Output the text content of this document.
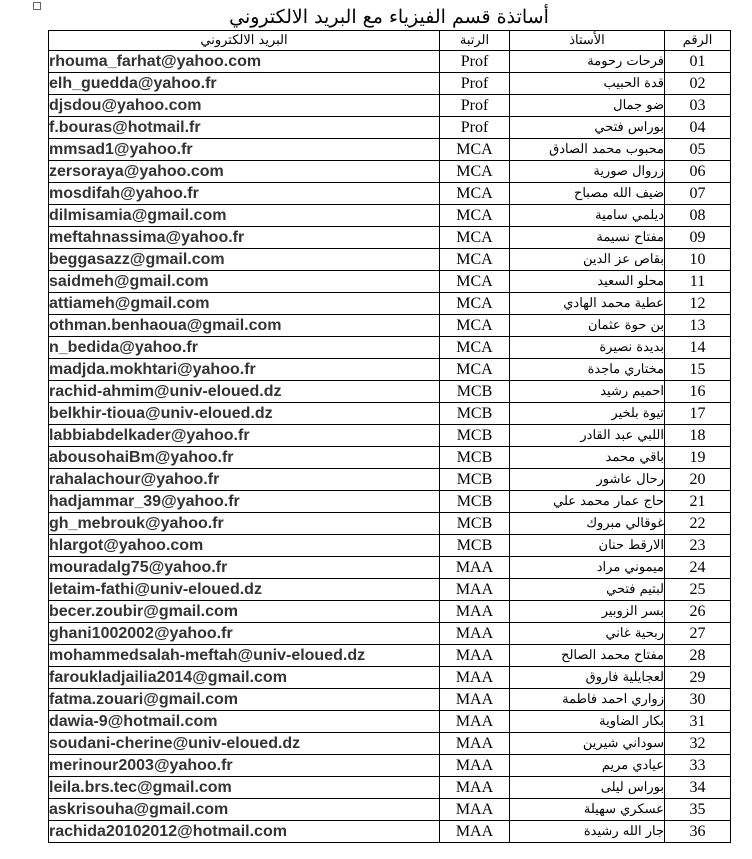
أساتذة قسم الفيزياء مع البريد الالكتروني
البريد الالكتروني	الرتبة	الأستاذ	الرقم
rhouma_farhat@yahoo.com	Prof	فرحات رحومة	01
elh_guedda@yahoo.fr	Prof	قدة الحبيب	02
djsdou@yahoo.com	Prof	ضو جمال	03
f.bouras@hotmail.fr	Prof	بوراس فتحي	04
mmsad1@yahoo.fr	MCA	محبوب محمد الصادق	05
zersoraya@yahoo.com	MCA	زروال صورية	06
mosdifah@yahoo.fr	MCA	ضيف الله مصباح	07
dilmisamia@gmail.com	MCA	ديلمي سامية	08
meftahnassima@yahoo.fr	MCA	مفتاح نسيمة	09
beggasazz@gmail.com	MCA	بقاص عز الدين	10
saidmeh@gmail.com	MCA	محلو السعيد	11
attiameh@gmail.com	MCA	عطية محمد الهادي	12
othman.benhaoua@gmail.com	MCA	بن حوة عثمان	13
n_bedida@yahoo.fr	MCA	بديدة نصيرة	14
madjda.mokhtari@yahoo.fr	MCA	مختاري ماجدة	15
rachid-ahmim@univ-eloued.dz	MCB	احميم رشيد	16
belkhir-tioua@univ-eloued.dz	MCB	تيوة بلخير	17
labbiabdelkader@yahoo.fr	MCB	اللبي عبد القادر	18
abousohaiBm@yahoo.fr	MCB	باقي محمد	19
rahalachour@yahoo.fr	MCB	رحال عاشور	20
hadjammar_39@yahoo.fr	MCB	حاج عمار محمد علي	21
gh_mebrouk@yahoo.fr	MCB	غوقالي مبروك	22
hlargot@yahoo.com	MCB	الارقط حنان	23
mouradalg75@yahoo.fr	MAA	ميموني مراد	24
letaim-fathi@univ-eloued.dz	MAA	لبتيم فتحي	25
becer.zoubir@gmail.com	MAA	بسر الزوبير	26
ghani1002002@yahoo.fr	MAA	ربحية غاني	27
mohammedsalah-meftah@univ-eloued.dz	MAA	مفتاح محمد الصالح	28
faroukladjailia2014@gmail.com	MAA	لعجايلية فاروق	29
fatma.zouari@gmail.com	MAA	زواري احمد فاطمة	30
dawia-9@hotmail.com	MAA	بكار الضاوية	31
soudani-cherine@univ-eloued.dz	MAA	سوداني شيرين	32
merinour2003@yahoo.fr	MAA	عيادي مريم	33
leila.brs.tec@gmail.com	MAA	بوراس ليلى	34
askrisouha@gmail.com	MAA	عسكري سهيلة	35
rachida20102012@hotmail.com	MAA	جار الله رشيدة	36
